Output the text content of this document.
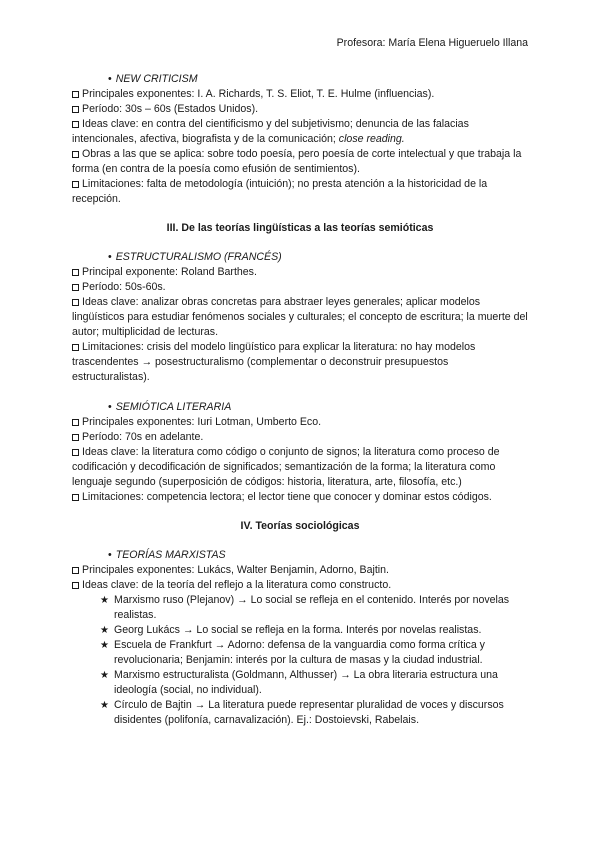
Profesora: María Elena Higueruelo Illana
• NEW CRITICISM
Principales exponentes: I. A. Richards, T. S. Eliot, T. E. Hulme (influencias).
Período: 30s – 60s (Estados Unidos).
Ideas clave: en contra del cientificismo y del subjetivismo; denuncia de las falacias intencionales, afectiva, biografista y de la comunicación; close reading.
Obras a las que se aplica: sobre todo poesía, pero poesía de corte intelectual y que trabaja la forma (en contra de la poesía como efusión de sentimientos).
Limitaciones: falta de metodología (intuición); no presta atención a la historicidad de la recepción.
III. De las teorías lingüísticas a las teorías semióticas
• ESTRUCTURALISMO (FRANCÉS)
Principal exponente: Roland Barthes.
Período: 50s-60s.
Ideas clave: analizar obras concretas para abstraer leyes generales; aplicar modelos lingüísticos para estudiar fenómenos sociales y culturales; el concepto de escritura; la muerte del autor; multiplicidad de lecturas.
Limitaciones: crisis del modelo lingüístico para explicar la literatura: no hay modelos trascendentes → posestructuralismo (complementar o deconstruir presupuestos estructuralistas).
• SEMIÓTICA LITERARIA
Principales exponentes: Iuri Lotman, Umberto Eco.
Período: 70s en adelante.
Ideas clave: la literatura como código o conjunto de signos; la literatura como proceso de codificación y decodificación de significados; semantización de la forma; la literatura como lenguaje segundo (superposición de códigos: historia, literatura, arte, filosofía, etc.)
Limitaciones: competencia lectora; el lector tiene que conocer y dominar estos códigos.
IV. Teorías sociológicas
• TEORÍAS MARXISTAS
Principales exponentes: Lukács, Walter Benjamin, Adorno, Bajtin.
Ideas clave: de la teoría del reflejo a la literatura como constructo.
★ Marxismo ruso (Plejanov) → Lo social se refleja en el contenido. Interés por novelas realistas.
★ Georg Lukács → Lo social se refleja en la forma. Interés por novelas realistas.
★ Escuela de Frankfurt → Adorno: defensa de la vanguardia como forma crítica y revolucionaria; Benjamin: interés por la cultura de masas y la ciudad industrial.
★ Marxismo estructuralista (Goldmann, Althusser) → La obra literaria estructura una ideología (social, no individual).
★ Círculo de Bajtin → La literatura puede representar pluralidad de voces y discursos disidentes (polifonía, carnavalización). Ej.: Dostoievski, Rabelais.
